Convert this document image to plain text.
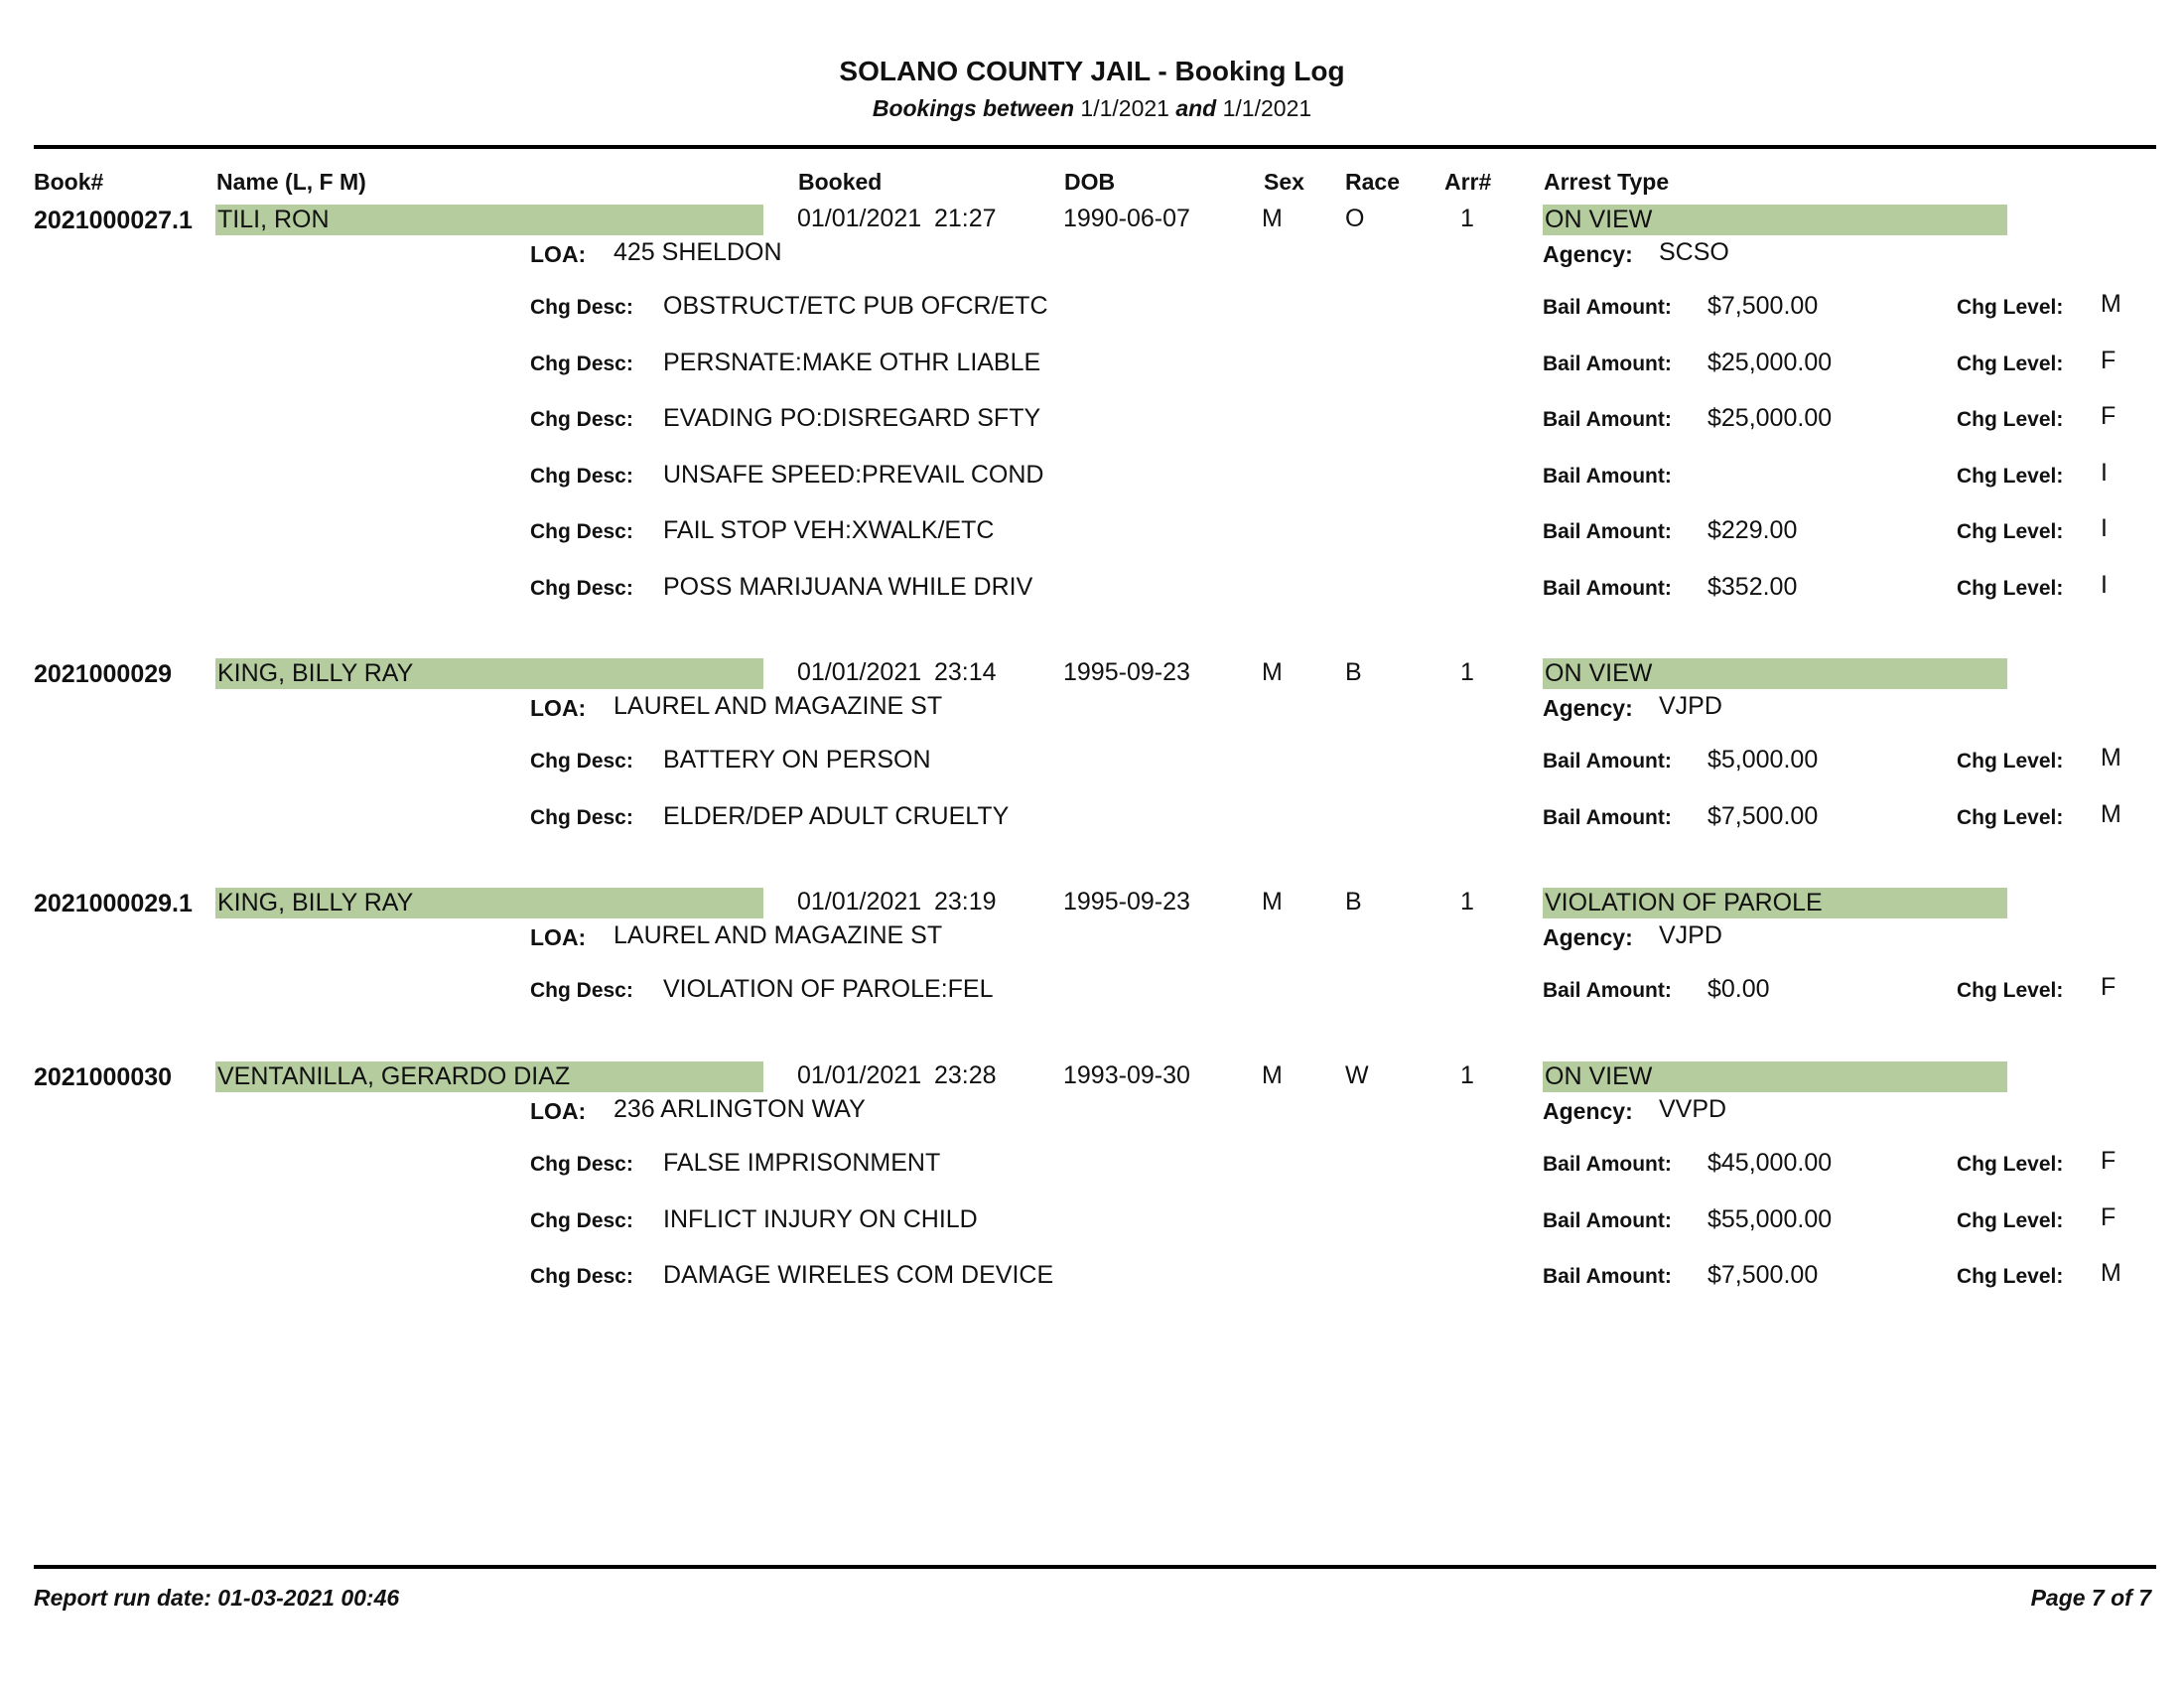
SOLANO COUNTY JAIL - Booking Log
Bookings between 1/1/2021 and 1/1/2021
Book#	Name (L, F M)	Booked	DOB	Sex Race Arr# Arrest Type
2021000027.1 TILI, RON	01/01/2021 21:27	1990-06-07	M	O	1	ON VIEW
LOA: 425 SHELDON	Agency: SCSO
Chg Desc: OBSTRUCT/ETC PUB OFCR/ETC	Bail Amount: $7,500.00	Chg Level: M
Chg Desc: PERSNATE:MAKE OTHR LIABLE	Bail Amount: $25,000.00	Chg Level: F
Chg Desc: EVADING PO:DISREGARD SFTY	Bail Amount: $25,000.00	Chg Level: F
Chg Desc: UNSAFE SPEED:PREVAIL COND	Bail Amount:	Chg Level: I
Chg Desc: FAIL STOP VEH:XWALK/ETC	Bail Amount: $229.00	Chg Level: I
Chg Desc: POSS MARIJUANA WHILE DRIV	Bail Amount: $352.00	Chg Level: I
2021000029 KING, BILLY RAY	01/01/2021 23:14	1995-09-23	M	B	1	ON VIEW
LOA: LAUREL AND MAGAZINE ST	Agency: VJPD
Chg Desc: BATTERY ON PERSON	Bail Amount: $5,000.00	Chg Level: M
Chg Desc: ELDER/DEP ADULT CRUELTY	Bail Amount: $7,500.00	Chg Level: M
2021000029.1 KING, BILLY RAY	01/01/2021 23:19	1995-09-23	M	B	1	VIOLATION OF PAROLE
LOA: LAUREL AND MAGAZINE ST	Agency: VJPD
Chg Desc: VIOLATION OF PAROLE:FEL	Bail Amount: $0.00	Chg Level: F
2021000030 VENTANILLA, GERARDO DIAZ	01/01/2021 23:28	1993-09-30	M	W	1	ON VIEW
LOA: 236 ARLINGTON WAY	Agency: VVPD
Chg Desc: FALSE IMPRISONMENT	Bail Amount: $45,000.00	Chg Level: F
Chg Desc: INFLICT INJURY ON CHILD	Bail Amount: $55,000.00	Chg Level: F
Chg Desc: DAMAGE WIRELES COM DEVICE	Bail Amount: $7,500.00	Chg Level: M
Report run date: 01-03-2021 00:46	Page 7 of 7
